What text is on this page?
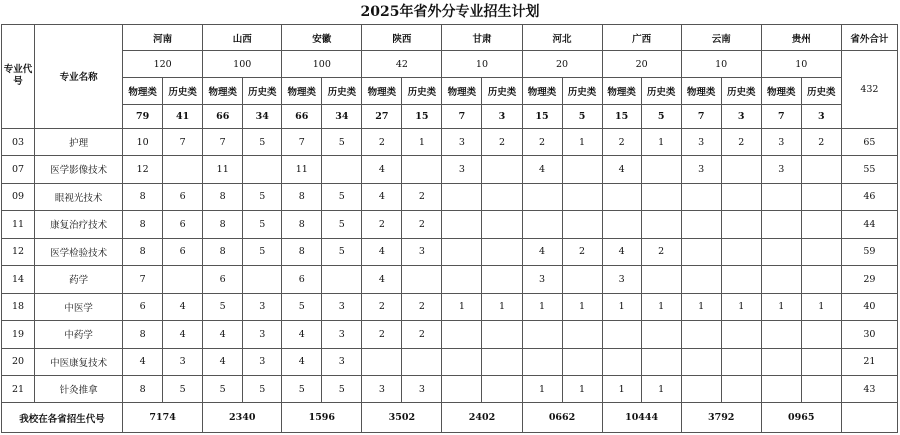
2025年省外分专业招生计划
专业代号	专业名称	河南		山西		安徽		陕西		甘肃		河北		广西		云南		贵州		省外合计
		120		100		100		42		10		20		20		10		10		432
		物理类	历史类	物理类	历史类	物理类	历史类	物理类	历史类	物理类	历史类	物理类	历史类	物理类	历史类	物理类	历史类	物理类	历史类	
		79	41	66	34	66	34	27	15	7	3	15	5	15	5	7	3	7	3	
03	护理	10	7	7	5	7	5	2	1	3	2	2	1	2	1	3	2	3	2	65
07	医学影像技术	12		11		11		4		3		4		4		3		3		55
09	眼视光技术	8	6	8	5	8	5	4	2											46
11	康复治疗技术	8	6	8	5	8	5	2	2											44
12	医学检验技术	8	6	8	5	8	5	4	3			4	2	4	2					59
14	药学	7		6		6		4				3		3						29
18	中医学	6	4	5	3	5	3	2	2	1	1	1	1	1	1	1	1	1	1	40
19	中药学	8	4	4	3	4	3	2	2											30
20	中医康复技术	4	3	4	3	4	3													21
21	针灸推拿	8	5	5	5	5	5	3	3			1	1	1	1					43
我校在各省招生代号		7174		2340		1596		3502		2402		0662		10444		3792		0965		
